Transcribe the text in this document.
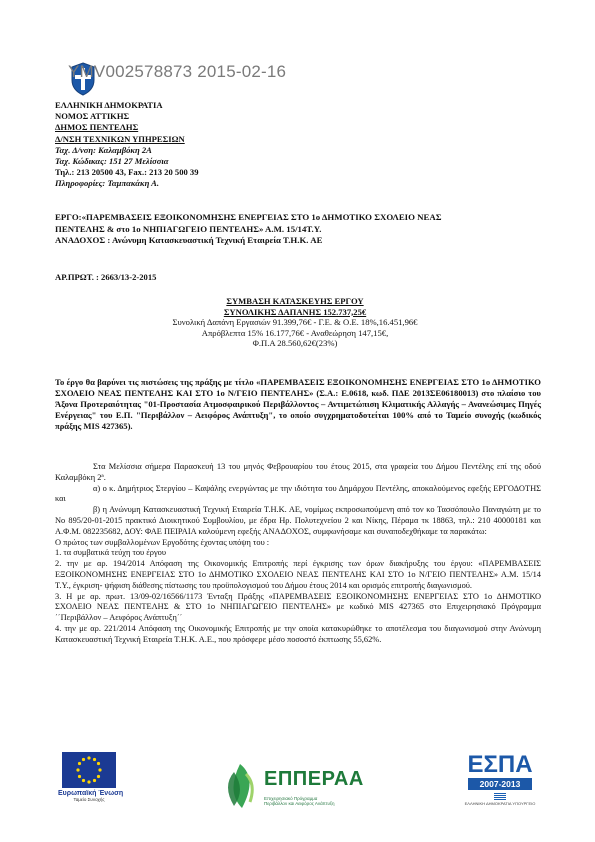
ΥΜV002578873 2015-02-16
ΕΛΛΗΝΙΚΗ ΔΗΜΟΚΡΑΤΙΑ
ΝΟΜΟΣ ΑΤΤΙΚΗΣ
ΔΗΜΟΣ ΠΕΝΤΕΛΗΣ
Δ/ΝΣΗ ΤΕΧΝΙΚΩΝ ΥΠΗΡΕΣΙΩΝ
Ταχ. Δ/νση: Καλαμβόκη 2Α
Ταχ. Κώδικας: 151 27 Μελίσσια
Τηλ.: 213 20500 43, Fax.: 213 20 500 39
Πληροφορίες: Ταμπακάκη Α.
ΕΡΓΟ:«ΠΑΡΕΜΒΑΣΕΙΣ ΕΞΟΙΚΟΝΟΜΗΣΗΣ ΕΝΕΡΓΕΙΑΣ ΣΤΟ 1ο ΔΗΜΟΤΙΚΟ ΣΧΟΛΕΙΟ ΝΕΑΣ
ΠΕΝΤΕΛΗΣ & στο 1ο ΝΗΠΙΑΓΩΓΕΙΟ ΠΕΝΤΕΛΗΣ» Α.Μ. 15/14Τ.Υ.
ΑΝΑΔΟΧΟΣ : Ανώνυμη Κατασκευαστική Τεχνική Εταιρεία Τ.Η.Κ. ΑΕ
ΑΡ.ΠΡΩΤ. : 2663/13-2-2015
ΣΥΜΒΑΣΗ ΚΑΤΑΣΚΕΥΗΣ ΕΡΓΟΥ
ΣΥΝΟΛΙΚΗΣ ΔΑΠΑΝΗΣ 152.737,25€
Συνολική Δαπάνη Εργασιών 91.399,76€ - Γ.Ε. & Ο.Ε. 18%,16.451,96€
Απρόβλεπτα 15% 16.177,76€ - Αναθεώρηση 147,15€,
Φ.Π.Α 28.560,62€(23%)
Το έργο θα βαρύνει τις πιστώσεις της πράξης με τίτλο «ΠΑΡΕΜΒΑΣΕΙΣ ΕΞΟΙΚΟΝΟΜΗΣΗΣ ΕΝΕΡΓΕΙΑΣ ΣΤΟ 1ο ΔΗΜΟΤΙΚΟ ΣΧΟΛΕΙΟ ΝΕΑΣ ΠΕΝΤΕΛΗΣ ΚΑΙ ΣΤΟ 1ο Ν/ΓΕΙΟ ΠΕΝΤΕΛΗΣ» (Σ.Α.: Ε.0618, κωδ. ΠΔΕ 2013ΣΕ06180013) στο πλαίσιο του Άξονα Προτεραιότητας "01-Προστασία Ατμοσφαιρικού Περιβάλλοντος – Αντιμετώπιση Κλιματικής Αλλαγής – Ανανεώσιμες Πηγές Ενέργειας" του Ε.Π. "Περιβάλλον – Αειφόρος Ανάπτυξη", το οποίο συγχρηματοδοτείται 100% από το Ταμείο συνοχής (κωδικός πράξης MIS 427365).

Στα Μελίσσια σήμερα Παρασκευή 13 του μηνός Φεβρουαρίου του έτους 2015, στα γραφεία του Δήμου Πεντέλης επί της οδού Καλαμβόκη 2ª.

α) ο κ. Δημήτριος Στεργίου – Καψάλης ενεργώντας με την ιδιότητα του Δημάρχου Πεντέλης, αποκαλούμενος εφεξής ΕΡΓΟΔΟΤΗΣ και

β) η Ανώνυμη Κατασκευαστική Τεχνική Εταιρεία Τ.Η.Κ. ΑΕ, νομίμως εκπροσωπούμενη από τον κο Τασσόπουλο Παναγιώτη με το Νο 895/20-01-2015 πρακτικό Διοικητικού Συμβουλίου, με έδρα Ηρ. Πολυτεχνείου 2 και Νίκης, Πέραμα τκ 18863, τηλ.: 210 40000181 και Α.Φ.Μ. 082235682, ΔΟΥ: ΦΑΕ ΠΕΙΡΑΙΑ καλούμενη εφεξής ΑΝΑΔΟΧΟΣ, συμφωνήσαμε και συναποδεχθήκαμε τα παρακάτω:

Ο πρώτος των συμβαλλομένων Εργοδότης έχοντας υπόψη του :

1. τα συμβατικά τεύχη του έργου

2. την με αρ. 194/2014 Απόφαση της Οικονομικής Επιτροπής περί έγκρισης των όρων διακήρυξης του έργου: «ΠΑΡΕΜΒΑΣΕΙΣ ΕΞΟΙΚΟΝΟΜΗΣΗΣ ΕΝΕΡΓΕΙΑΣ ΣΤΟ 1ο ΔΗΜΟΤΙΚΟ ΣΧΟΛΕΙΟ ΝΕΑΣ ΠΕΝΤΕΛΗΣ ΚΑΙ ΣΤΟ 1ο Ν/ΓΕΙΟ ΠΕΝΤΕΛΗΣ» Α.Μ. 15/14 Τ.Υ., έγκριση- ψήφιση διάθεσης πίστωσης του προϋπολογισμού του Δήμου έτους 2014 και ορισμός επιτροπής διαγωνισμού.

3. Η με αρ. πρωτ. 13/09-02/16566/1173 Ένταξη Πράξης «ΠΑΡΕΜΒΑΣΕΙΣ ΕΞΟΙΚΟΝΟΜΗΣΗΣ ΕΝΕΡΓΕΙΑΣ ΣΤΟ 1ο ΔΗΜΟΤΙΚΟ ΣΧΟΛΕΙΟ ΝΕΑΣ ΠΕΝΤΕΛΗΣ & ΣΤΟ 1ο ΝΗΠΙΑΓΩΓΕΙΟ ΠΕΝΤΕΛΗΣ» με κωδικό MIS 427365 στο Επιχειρησιακό Πρόγραμμα ΄΄Περιβάλλον – Αειφόρος Ανάπτυξη΄΄

4. την με αρ. 221/2014 Απόφαση της Οικονομικής Επιτροπής με την οποία κατακυρώθηκε το αποτέλεσμα του διαγωνισμού στην Ανώνυμη Κατασκευαστική Τεχνική Εταιρεία Τ.Η.Κ. Α.Ε., που πρόσφερε μέσο ποσοστό έκπτωσης 55,62%.

Ευρωπαϊκή Ένωση
Ταμείο Συνοχής
ΕΠΠΕΡΑΑ
Επιχειρησιακό Πρόγραμμα
Περιβάλλον και Αειφόρος Ανάπτυξη
ΕΣΠΑ
2007-2013
ΕΛΛΗΝΙΚΗ ΔΗΜΟΚΡΑΤΙΑ ΥΠΟΥΡΓΕΙΟ
